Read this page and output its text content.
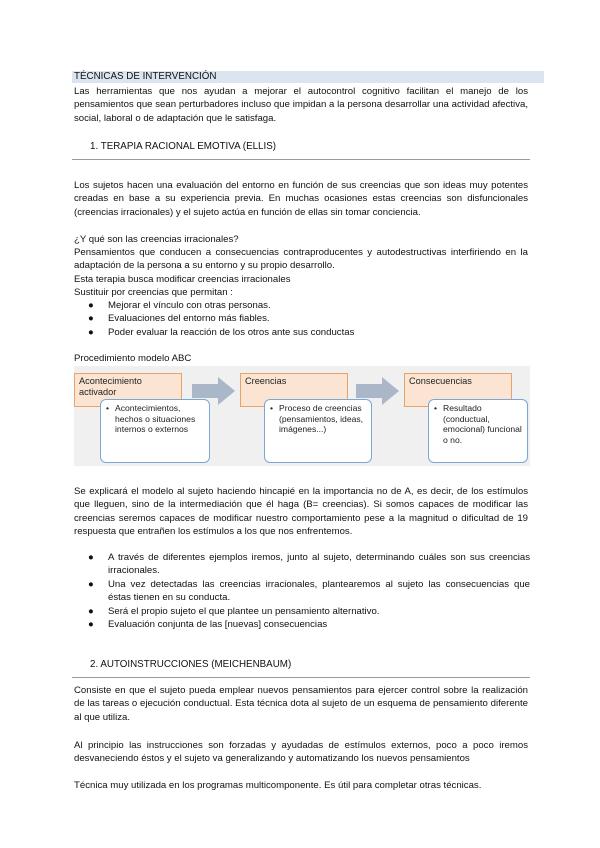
TÉCNICAS DE INTERVENCIÓN
Las herramientas que nos ayudan a mejorar el autocontrol cognitivo facilitan el manejo de los pensamientos que sean perturbadores incluso que impidan a la persona desarrollar una actividad afectiva, social, laboral o de adaptación que le satisfaga.
1. TERAPIA RACIONAL EMOTIVA (ELLIS)
Los sujetos hacen una evaluación del entorno en función de sus creencias que son ideas muy potentes creadas en base a su experiencia previa. En muchas ocasiones estas creencias son disfuncionales (creencias irracionales) y el sujeto actúa en función de ellas sin tomar conciencia.
¿Y qué son las creencias irracionales?
Pensamientos que conducen a consecuencias contraproducentes y autodestructivas interfiriendo en la adaptación de la persona a su entorno y su propio desarrollo.
Esta terapia busca modificar creencias irracionales
Sustituir por creencias que permitan :
● Mejorar el vínculo con otras personas.
● Evaluaciones del entorno más fiables.
● Poder evaluar la reacción de los otros ante sus conductas
Procedimiento modelo ABC
Acontecimiento activador
• Acontecimientos, hechos o situaciones internos o externos
Creencias
• Proceso de creencias (pensamientos, ideas, imágenes...)
Consecuencias
• Resultado (conductual, emocional) funcional o no.
Se explicará el modelo al sujeto haciendo hincapié en la importancia no de A, es decir, de los estímulos que lleguen, sino de la intermediación que él haga (B= creencias). Si somos capaces de modificar las creencias seremos capaces de modificar nuestro comportamiento pese a la magnitud o dificultad de 19 respuesta que entrañen los estímulos a los que nos enfrentemos.
● A través de diferentes ejemplos iremos, junto al sujeto, determinando cuáles son sus creencias irracionales.
● Una vez detectadas las creencias irracionales, plantearemos al sujeto las consecuencias que éstas tienen en su conducta.
● Será el propio sujeto el que plantee un pensamiento alternativo.
● Evaluación conjunta de las [nuevas] consecuencias
2. AUTOINSTRUCCIONES (MEICHENBAUM)
Consiste en que el sujeto pueda emplear nuevos pensamientos para ejercer control sobre la realización de las tareas o ejecución conductual. Esta técnica dota al sujeto de un esquema de pensamiento diferente al que utiliza.
Al principio las instrucciones son forzadas y ayudadas de estímulos externos, poco a poco iremos desvaneciendo éstos y el sujeto va generalizando y automatizando los nuevos pensamientos
Técnica muy utilizada en los programas multicomponente. Es útil para completar otras técnicas.
